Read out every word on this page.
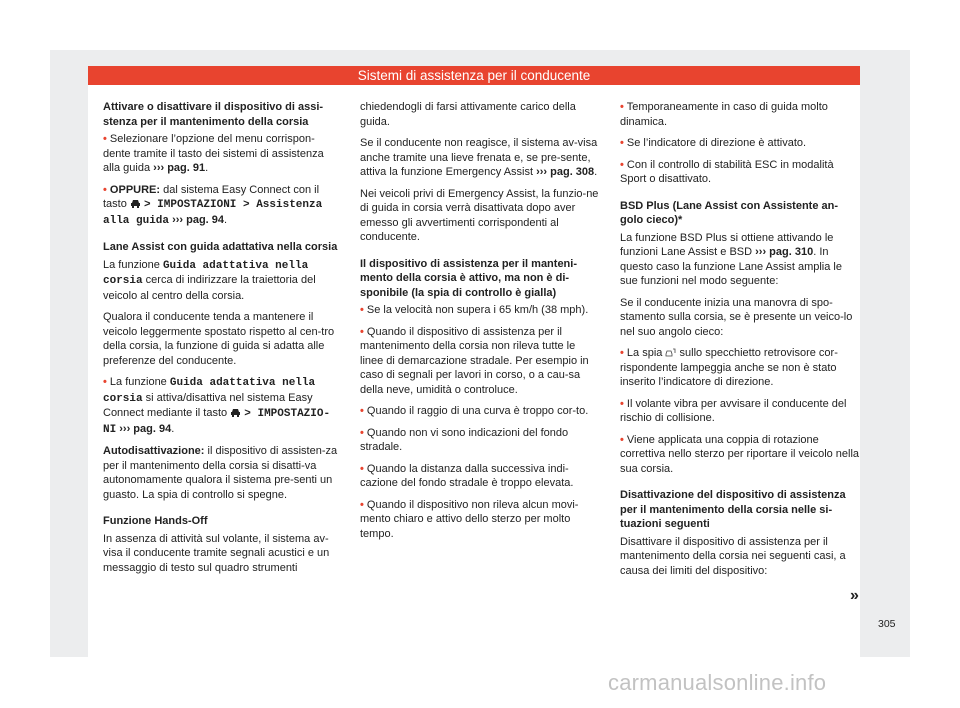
Sistemi di assistenza per il conducente

Attivare o disattivare il dispositivo di assi-stenza per il mantenimento della corsia

• Selezionare l’opzione del menu corrispon-dente tramite il tasto dei sistemi di assistenza alla guida ››› pag. 91.

• OPPURE: dal sistema Easy Connect con il tasto > IMPOSTAZIONI > Assistenza alla guida ››› pag. 94.

Lane Assist con guida adattativa nella corsia

La funzione Guida adattativa nella corsia cerca di indirizzare la traiettoria del veicolo al centro della corsia.

Qualora il conducente tenda a mantenere il veicolo leggermente spostato rispetto al cen-tro della corsia, la funzione di guida si adatta alle preferenze del conducente.

• La funzione Guida adattativa nella corsia si attiva/disattiva nel sistema Easy Connect mediante il tasto > IMPOSTAZIO-NI ››› pag. 94.

Autodisattivazione: il dispositivo di assisten-za per il mantenimento della corsia si disatti-va autonomamente qualora il sistema pre-senti un guasto. La spia di controllo si spegne.

Funzione Hands-Off

In assenza di attività sul volante, il sistema av-visa il conducente tramite segnali acustici e un messaggio di testo sul quadro strumenti

chiedendogli di farsi attivamente carico della guida.

Se il conducente non reagisce, il sistema av-visa anche tramite una lieve frenata e, se pre-sente, attiva la funzione Emergency Assist ››› pag. 308.

Nei veicoli privi di Emergency Assist, la funzio-ne di guida in corsia verrà disattivata dopo aver emesso gli avvertimenti corrispondenti al conducente.

Il dispositivo di assistenza per il manteni-mento della corsia è attivo, ma non è di-sponibile (la spia di controllo è gialla)

• Se la velocità non supera i 65 km/h (38 mph).

• Quando il dispositivo di assistenza per il mantenimento della corsia non rileva tutte le linee di demarcazione stradale. Per esempio in caso di segnali per lavori in corso, o a cau-sa della neve, umidità o controluce.

• Quando il raggio di una curva è troppo cor-to.

• Quando non vi sono indicazioni del fondo stradale.

• Quando la distanza dalla successiva indi-cazione del fondo stradale è troppo elevata.

• Quando il dispositivo non rileva alcun movi-mento chiaro e attivo dello sterzo per molto tempo.

• Temporaneamente in caso di guida molto dinamica.

• Se l’indicatore di direzione è attivato.

• Con il controllo di stabilità ESC in modalità Sport o disattivato.

BSD Plus (Lane Assist con Assistente an-golo cieco)*

La funzione BSD Plus si ottiene attivando le funzioni Lane Assist e BSD ››› pag. 310. In questo caso la funzione Lane Assist amplia le sue funzioni nel modo seguente:

Se il conducente inizia una manovra di spo-stamento sulla corsia, se è presente un veico-lo nel suo angolo cieco:

• La spia sullo specchietto retrovisore cor-rispondente lampeggia anche se non è stato inserito l’indicatore di direzione.

• Il volante vibra per avvisare il conducente del rischio di collisione.

• Viene applicata una coppia di rotazione correttiva nello sterzo per riportare il veicolo nella sua corsia.

Disattivazione del dispositivo di assistenza per il mantenimento della corsia nelle si-tuazioni seguenti

Disattivare il dispositivo di assistenza per il mantenimento della corsia nei seguenti casi, a causa dei limiti del dispositivo:

»
305
carmanualsonline.info
